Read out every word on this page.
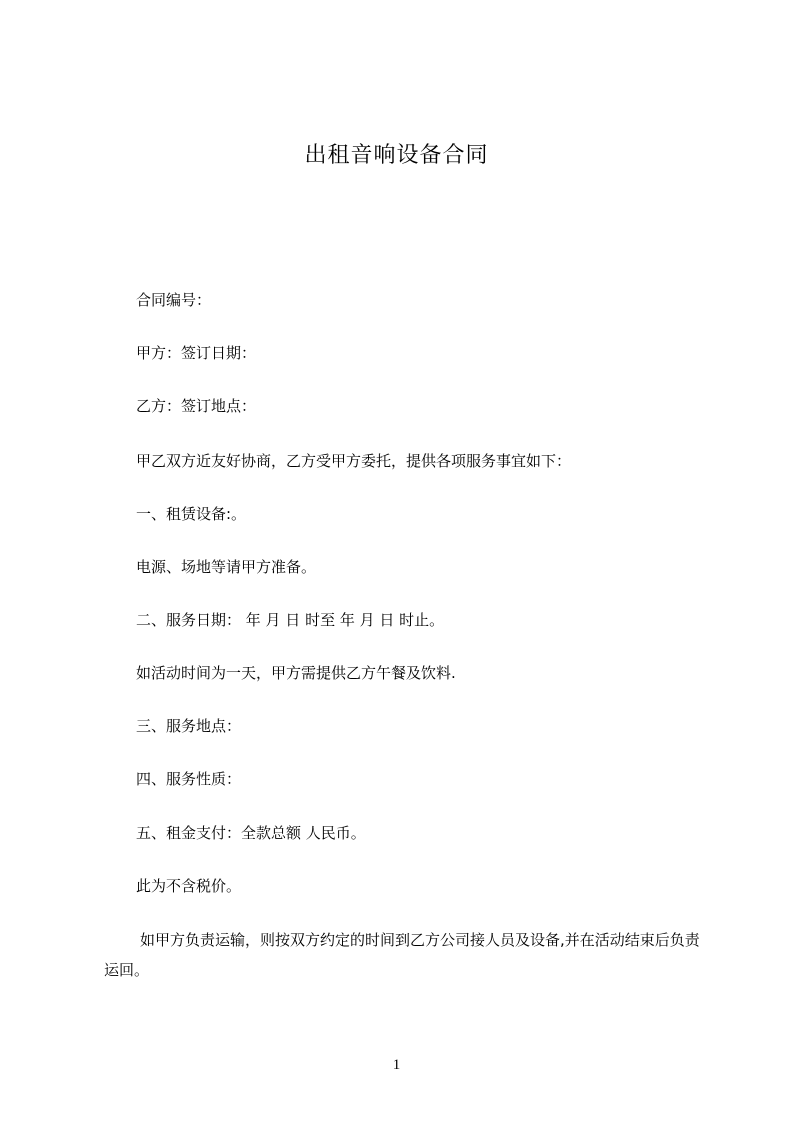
出租音响设备合同
合同编号：
甲方：签订日期：
乙方：签订地点：
甲乙双方近友好协商，乙方受甲方委托，提供各项服务事宜如下：
一、租赁设备:。
电源、场地等请甲方准备。
二、服务日期： 年 月 日 时至 年 月 日 时止。
如活动时间为一天，甲方需提供乙方午餐及饮料.
三、服务地点：
四、服务性质：
五、租金支付：全款总额 人民币。
此为不含税价。
如甲方负责运输，则按双方约定的时间到乙方公司接人员及设备,并在活动结束后负责运回。
1
